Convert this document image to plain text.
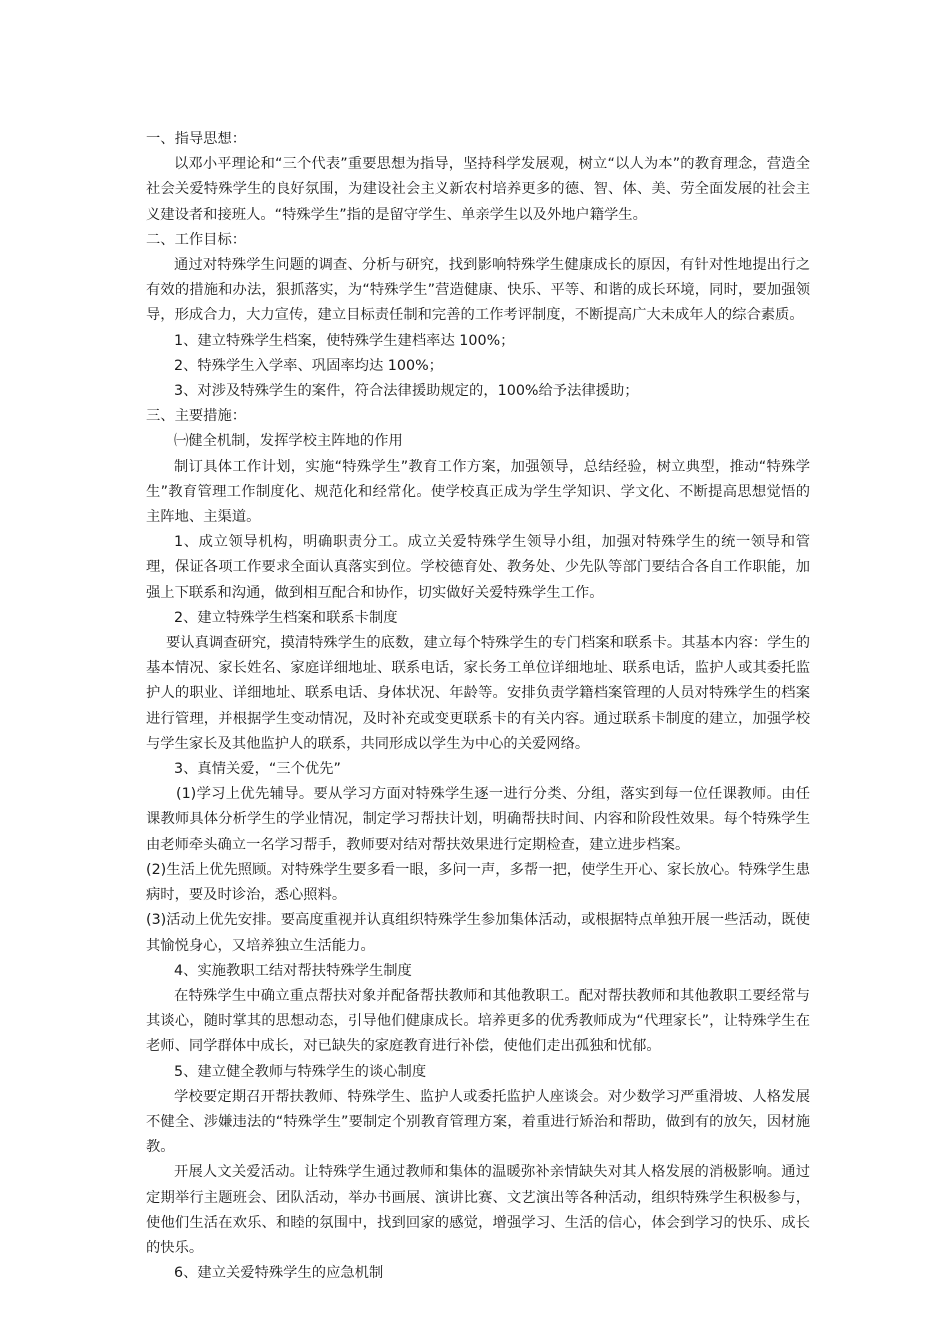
一、指导思想：

以邓小平理论和“三个代表”重要思想为指导，坚持科学发展观，树立“以人为本”的教育理念，营造全社会关爱特殊学生的良好氛围，为建设社会主义新农村培养更多的德、智、体、美、劳全面发展的社会主义建设者和接班人。“特殊学生”指的是留守学生、单亲学生以及外地户籍学生。

二、工作目标：

通过对特殊学生问题的调查、分析与研究，找到影响特殊学生健康成长的原因，有针对性地提出行之有效的措施和办法，狠抓落实，为“特殊学生”营造健康、快乐、平等、和谐的成长环境，同时，要加强领导，形成合力，大力宣传，建立目标责任制和完善的工作考评制度，不断提高广大未成年人的综合素质。

1、建立特殊学生档案，使特殊学生建档率达 100%；

2、特殊学生入学率、巩固率均达 100%；

3、对涉及特殊学生的案件，符合法律援助规定的，100%给予法律援助；

三、主要措施：

㈠健全机制，发挥学校主阵地的作用

制订具体工作计划，实施“特殊学生”教育工作方案，加强领导，总结经验，树立典型，推动“特殊学生”教育管理工作制度化、规范化和经常化。使学校真正成为学生学知识、学文化、不断提高思想觉悟的主阵地、主渠道。

1、成立领导机构，明确职责分工。成立关爱特殊学生领导小组，加强对特殊学生的统一领导和管理，保证各项工作要求全面认真落实到位。学校德育处、教务处、少先队等部门要结合各自工作职能，加强上下联系和沟通，做到相互配合和协作，切实做好关爱特殊学生工作。

2、建立特殊学生档案和联系卡制度

要认真调查研究，摸清特殊学生的底数，建立每个特殊学生的专门档案和联系卡。其基本内容：学生的基本情况、家长姓名、家庭详细地址、联系电话，家长务工单位详细地址、联系电话，监护人或其委托监护人的职业、详细地址、联系电话、身体状况、年龄等。安排负责学籍档案管理的人员对特殊学生的档案进行管理，并根据学生变动情况，及时补充或变更联系卡的有关内容。通过联系卡制度的建立，加强学校与学生家长及其他监护人的联系，共同形成以学生为中心的关爱网络。

3、真情关爱，“三个优先”

(1)学习上优先辅导。要从学习方面对特殊学生逐一进行分类、分组，落实到每一位任课教师。由任课教师具体分析学生的学业情况，制定学习帮扶计划，明确帮扶时间、内容和阶段性效果。每个特殊学生由老师牵头确立一名学习帮手，教师要对结对帮扶效果进行定期检查，建立进步档案。

(2)生活上优先照顾。对特殊学生要多看一眼，多问一声，多帮一把，使学生开心、家长放心。特殊学生患病时，要及时诊治，悉心照料。

(3)活动上优先安排。要高度重视并认真组织特殊学生参加集体活动，或根据特点单独开展一些活动，既使其愉悦身心，又培养独立生活能力。

4、实施教职工结对帮扶特殊学生制度

在特殊学生中确立重点帮扶对象并配备帮扶教师和其他教职工。配对帮扶教师和其他教职工要经常与其谈心，随时掌其的思想动态，引导他们健康成长。培养更多的优秀教师成为“代理家长”，让特殊学生在老师、同学群体中成长，对已缺失的家庭教育进行补偿，使他们走出孤独和忧郁。

5、建立健全教师与特殊学生的谈心制度

学校要定期召开帮扶教师、特殊学生、监护人或委托监护人座谈会。对少数学习严重滑坡、人格发展不健全、涉嫌违法的“特殊学生”要制定个别教育管理方案，着重进行矫治和帮助，做到有的放矢，因材施教。

开展人文关爱活动。让特殊学生通过教师和集体的温暖弥补亲情缺失对其人格发展的消极影响。通过定期举行主题班会、团队活动，举办书画展、演讲比赛、文艺演出等各种活动，组织特殊学生积极参与，使他们生活在欢乐、和睦的氛围中，找到回家的感觉，增强学习、生活的信心，体会到学习的快乐、成长的快乐。

6、建立关爱特殊学生的应急机制
